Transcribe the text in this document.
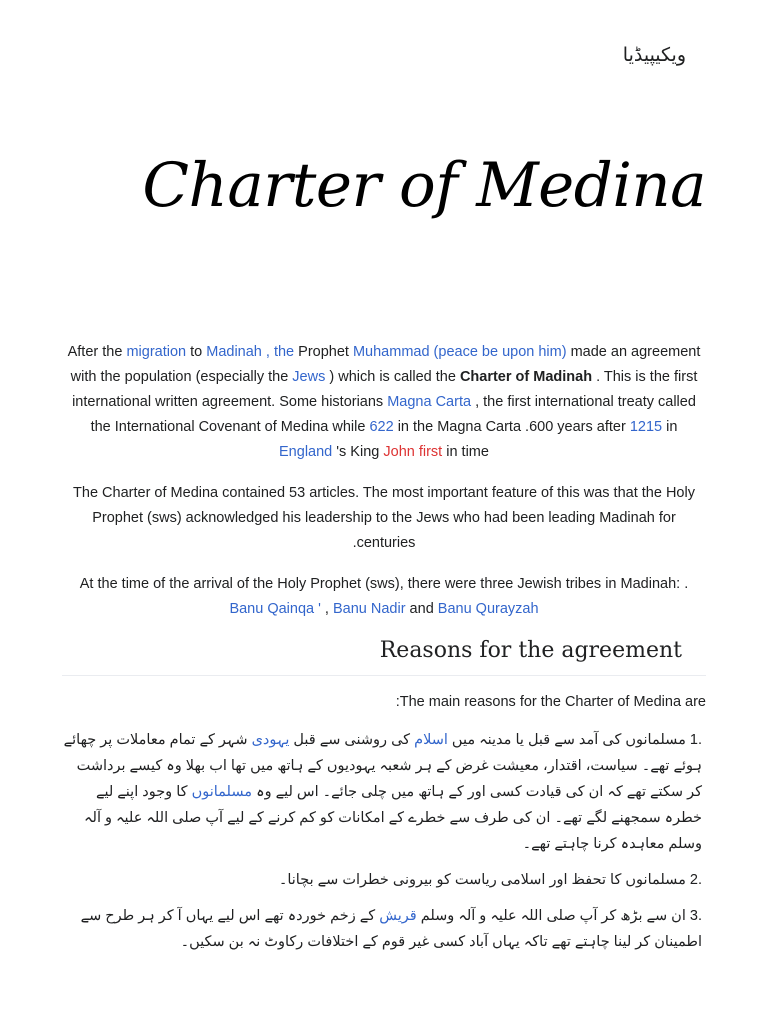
ویکیپیڈیا
Charter of Medina

After the migration to Madinah , the Prophet Muhammad (peace be upon him) made an agreement with the population (especially the Jews ) which is called the Charter of Madinah . This is the first international written agreement. Some historians Magna Carta , the first international treaty called the International Covenant of Medina while 622 in the Magna Carta .600 years after 1215 in England 's King John first in time

The Charter of Medina contained 53 articles. The most important feature of this was that the Holy Prophet (sws) acknowledged his leadership to the Jews who had been leading Madinah for .centuries

At the time of the arrival of the Holy Prophet (sws), there were three Jewish tribes in Madinah: . Banu Qainqa ' , Banu Nadir and Banu Qurayzah

Reasons for the agreement

:The main reasons for the Charter of Medina are

1. مسلمانوں کی آمد سے قبل یا مدینہ میں اسلام کی روشنی سے قبل یہودی شہر کے تمام معاملات پر چھائے ہوئے تھے۔ سیاست، اقتدار، معیشت غرض کے ہر شعبہ یہودیوں کے ہاتھ میں تھا اب بھلا وہ کیسے برداشت کر سکتے تھے کہ ان کی قیادت کسی اور کے ہاتھ میں چلی جائے۔ اس لیے وہ مسلمانوں کا وجود اپنے لیے خطرہ سمجھنے لگے تھے۔ ان کی طرف سے خطرے کے امکانات کو کم کرنے کے لیے آپ صلی اللہ علیہ و آلہ وسلم معاہدہ کرنا چاہتے تھے۔
2. مسلمانوں کا تحفظ اور اسلامی ریاست کو بیرونی خطرات سے بچانا۔
3. ان سے بڑھ کر آپ صلی اللہ علیہ و آلہ وسلم قریش کے زخم خوردہ تھے اس لیے یہاں آ کر ہر طرح سے اطمینان کر لینا چاہتے تھے تاکہ یہاں آباد کسی غیر قوم کے اختلافات رکاوٹ نہ بن سکیں۔
